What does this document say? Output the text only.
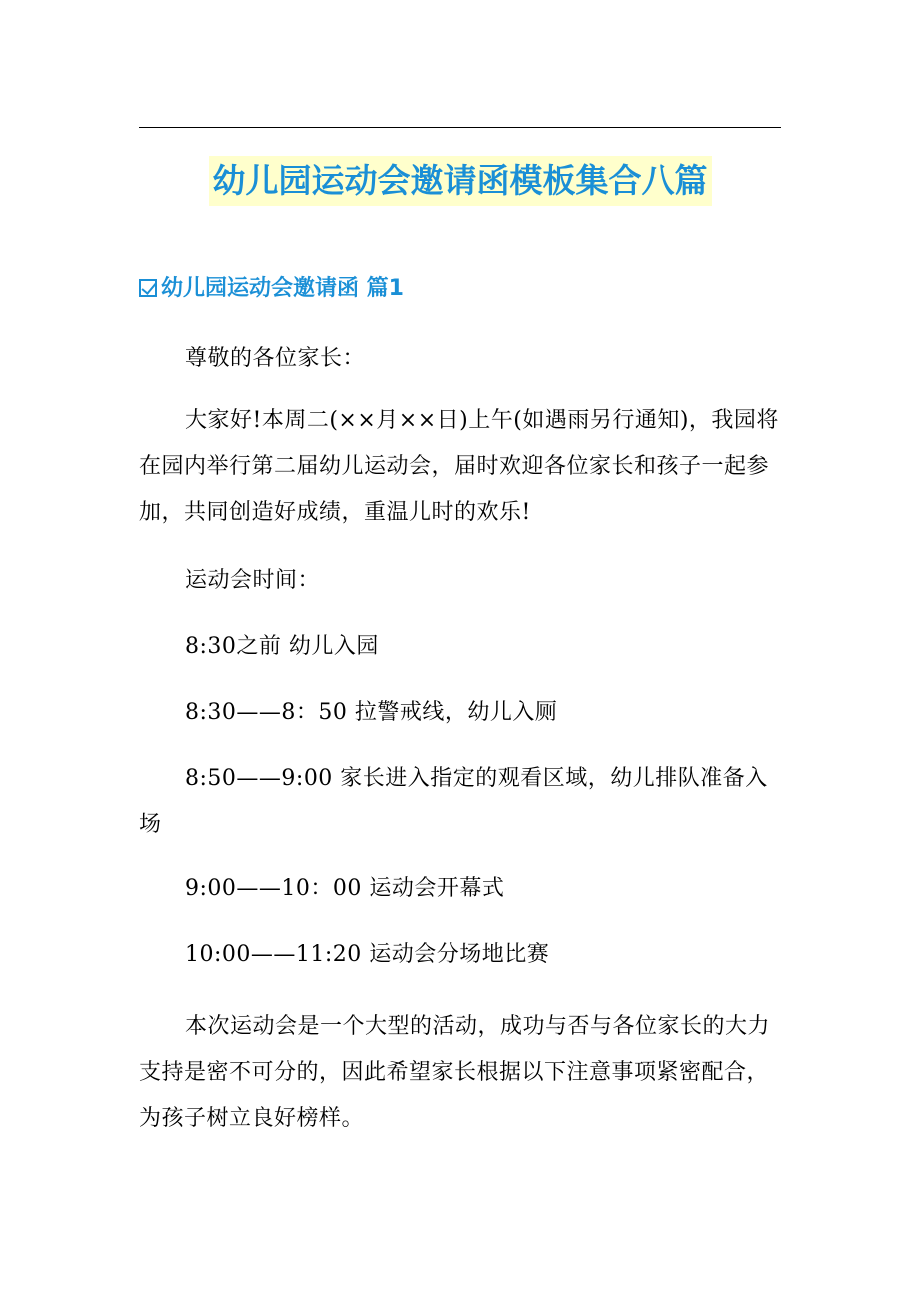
幼儿园运动会邀请函模板集合八篇
幼儿园运动会邀请函 篇1

尊敬的各位家长：

大家好!本周二(××月××日)上午(如遇雨另行通知)，我园将在园内举行第二届幼儿运动会，届时欢迎各位家长和孩子一起参加，共同创造好成绩，重温儿时的欢乐!

运动会时间：

8:30之前 幼儿入园

8:30——8：50 拉警戒线，幼儿入厕

8:50——9:00 家长进入指定的观看区域，幼儿排队准备入场

9:00——10：00 运动会开幕式

10:00——11:20 运动会分场地比赛

本次运动会是一个大型的活动，成功与否与各位家长的大力支持是密不可分的，因此希望家长根据以下注意事项紧密配合，为孩子树立良好榜样。
